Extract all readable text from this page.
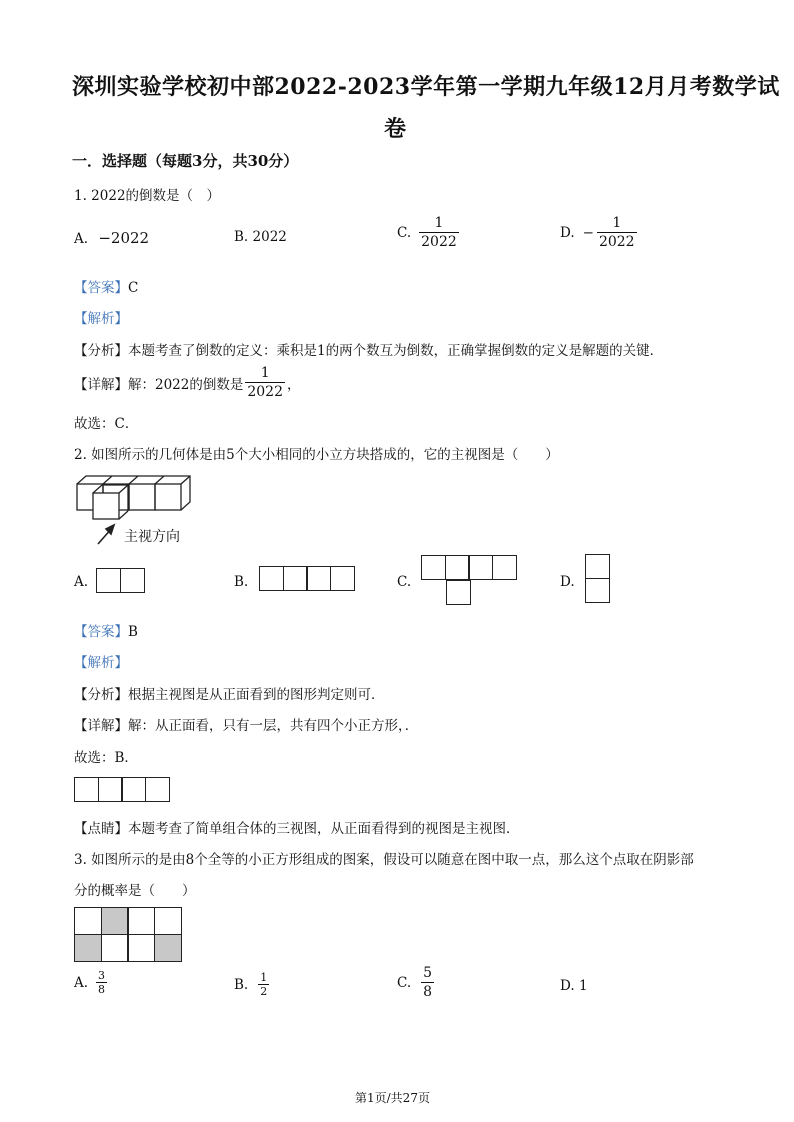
深圳实验学校初中部2022-2023学年第一学期九年级12月月考数学试
卷
一．选择题（每题3分，共30分）
1. 2022的倒数是（　）
A. −2022	B. 2022	C. $\frac{1}{2022}$	D. − $\frac{1}{2022}$
【答案】C
【解析】
【分析】本题考查了倒数的定义：乘积是1的两个数互为倒数，正确掌握倒数的定义是解题的关键．
【详解】 解：2022的倒数是 $\frac{1}{2022}$ ，
故选：C．
2. 如图所示的几何体是由5个大小相同的小立方块搭成的，它的主视图是（　　）
主视方向
A.	B.	C.	D.
【答案】B
【解析】
【分析】根据主视图是从正面看到的图形判定则可．
【详解】解：从正面看，只有一层，共有四个小正方形，．
故选：B．
【点睛】本题考查了简单组合体的三视图，从正面看得到的视图是主视图．
3. 如图所示的是由8个全等的小正方形组成的图案，假设可以随意在图中取一点，那么这个点取在阴影部
分的概率是（　　）
A. $\frac{3}{8}$	B. $\frac{1}{2}$	C. $\frac{5}{8}$	D. 1
第1页/共27页
